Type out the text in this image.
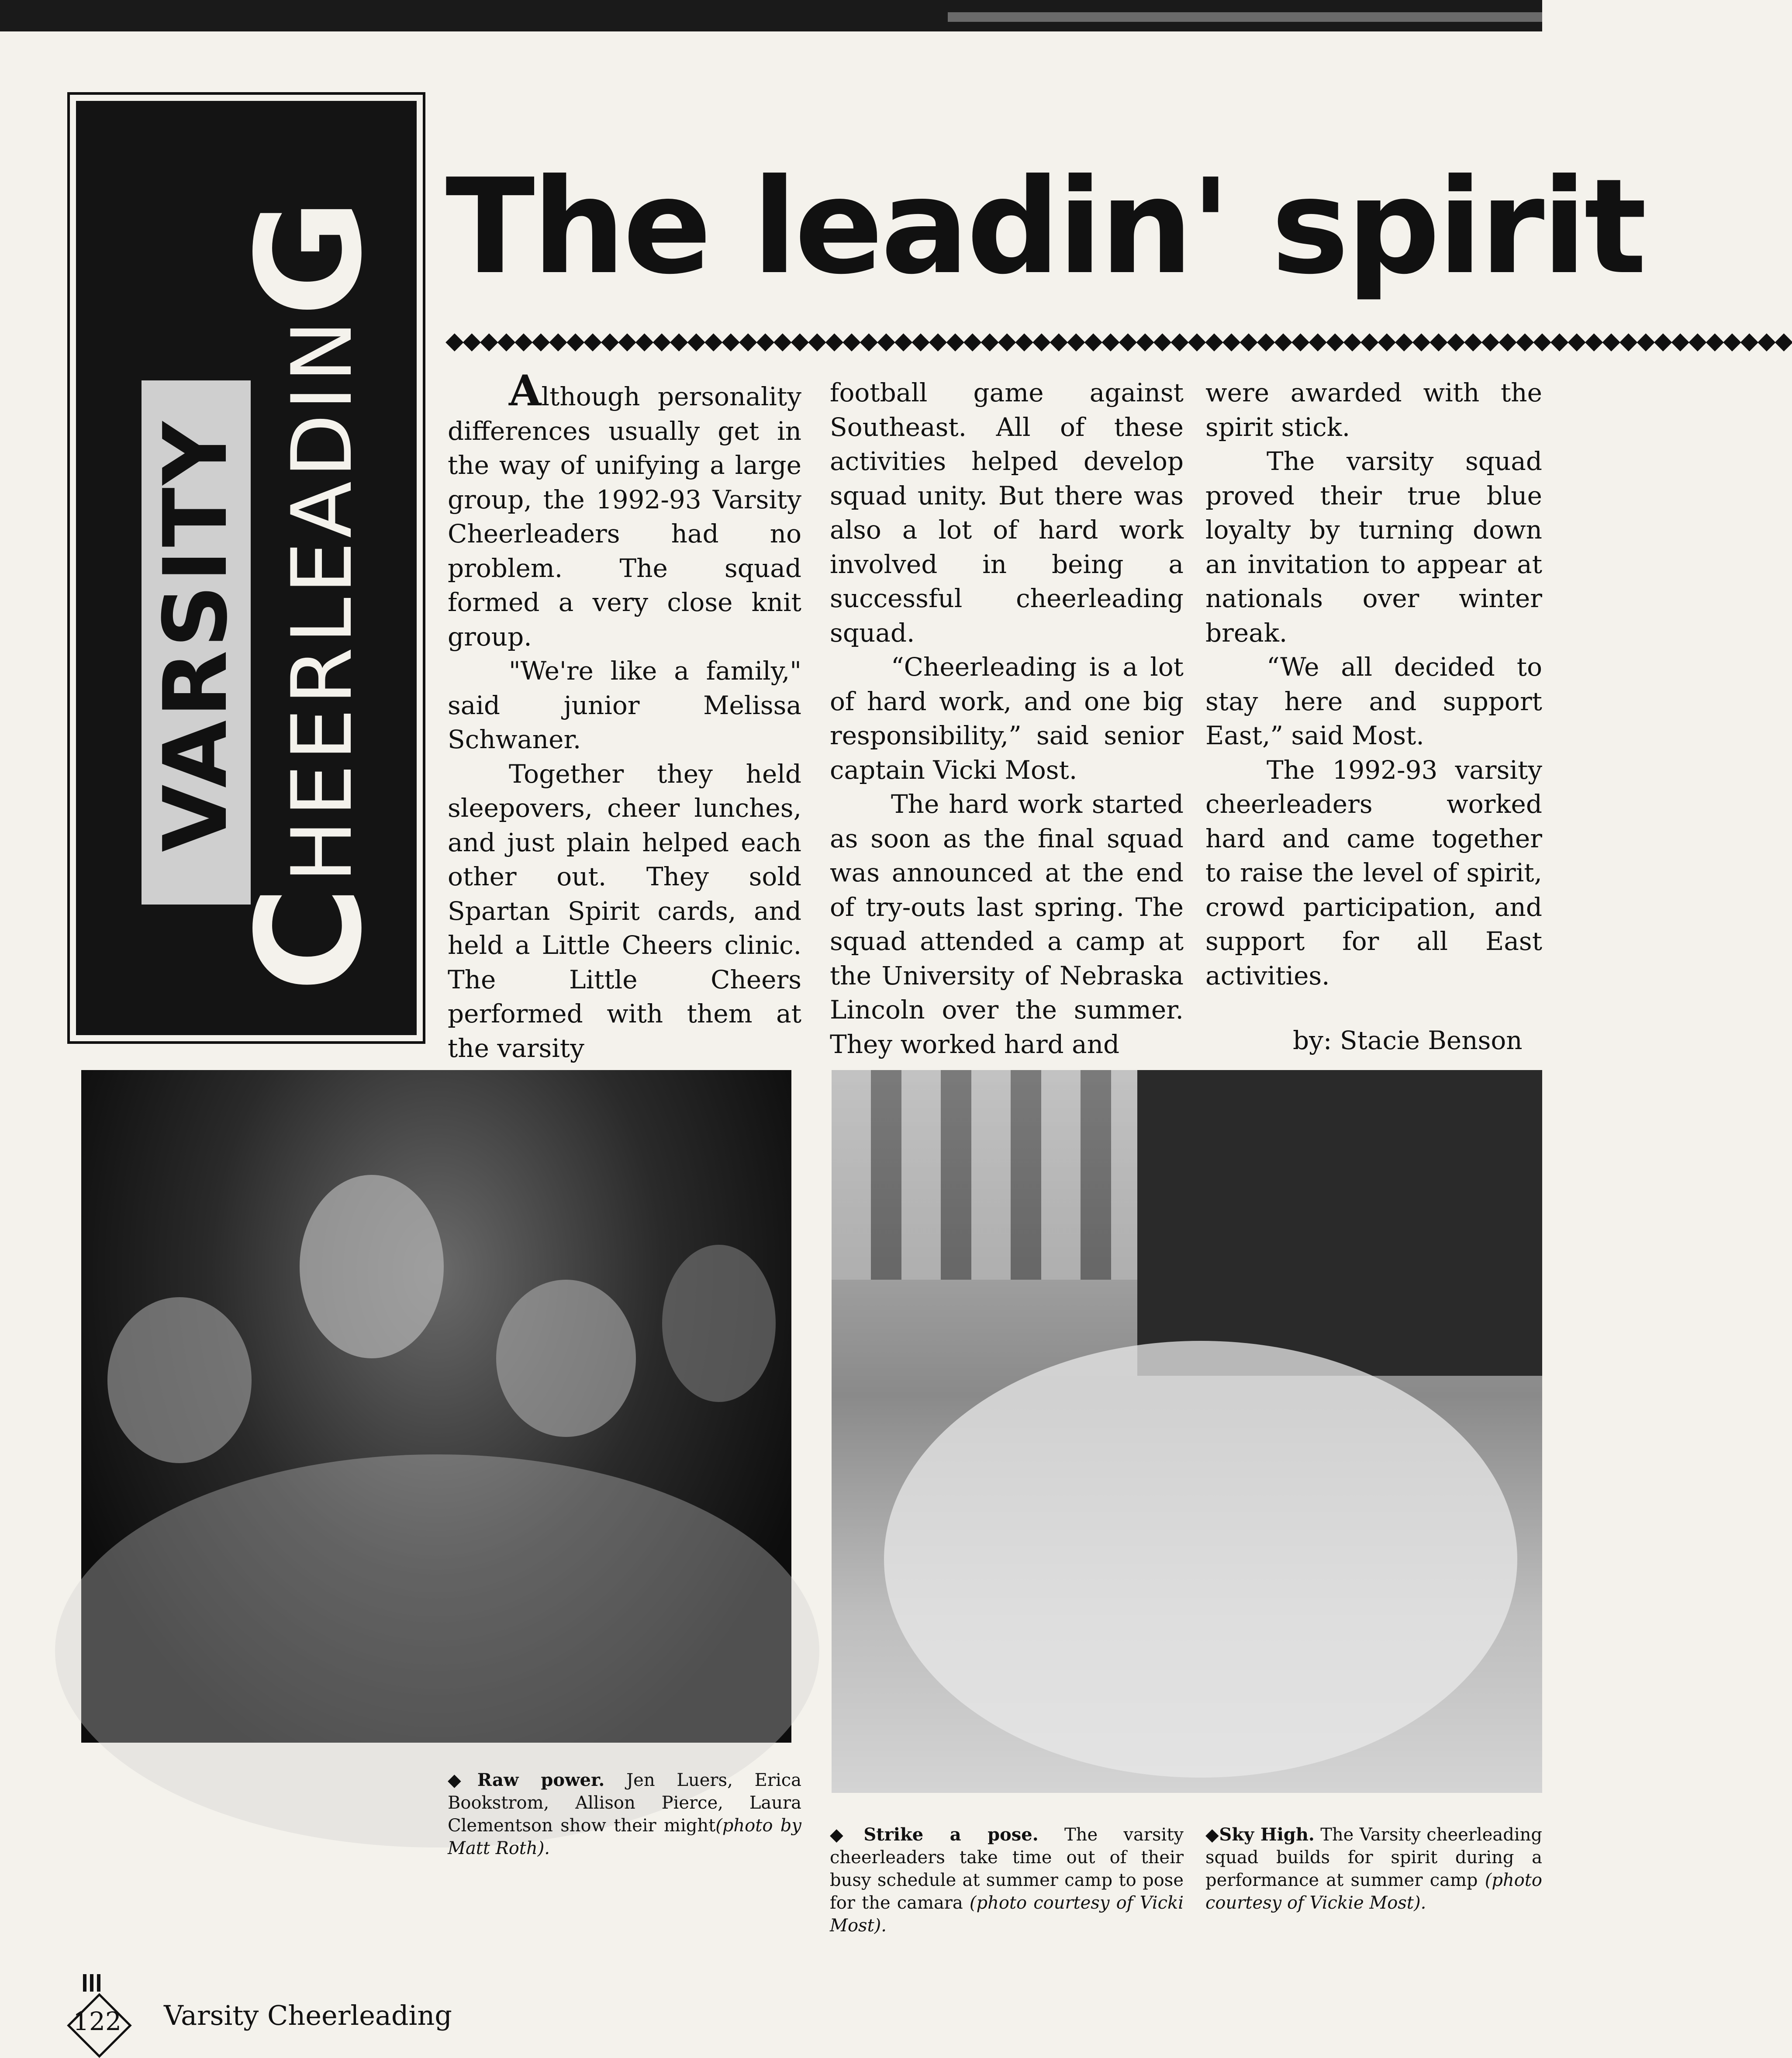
VARSITY
CHEERLEADING The leadin' spirit
◆◆◆◆◆◆◆◆◆◆◆◆◆◆◆◆◆◆◆◆◆◆◆◆◆◆◆◆◆◆◆◆◆◆◆◆◆◆◆◆◆◆◆◆◆◆◆◆◆◆◆◆◆◆◆◆◆◆◆◆◆◆◆◆◆◆◆◆◆◆◆◆◆◆◆◆◆◆

Although personality differences usually get in the way of unifying a large group, the 1992-93 Varsity Cheerleaders had no problem. The squad formed a very close knit group.

"We're like a family," said junior Melissa Schwaner.

Together they held sleepovers, cheer lunches, and just plain helped each other out. They sold Spartan Spirit cards, and held a Little Cheers clinic. The Little Cheers performed with them at the varsity

football game against Southeast. All of these activities helped develop squad unity. But there was also a lot of hard work involved in being a successful cheerleading squad.

“Cheerleading is a lot of hard work, and one big responsibility,” said senior captain Vicki Most.

The hard work started as soon as the final squad was announced at the end of try-outs last spring. The squad attended a camp at the University of Nebraska Lincoln over the summer. They worked hard and

were awarded with the spirit stick.

The varsity squad proved their true blue loyalty by turning down an invitation to appear at nationals over winter break.

“We all decided to stay here and support East,” said Most.

The 1992-93 varsity cheerleaders worked hard and came together to raise the level of spirit, crowd participation, and support for all East activities.

by: Stacie Benson

◆Raw power. Jen Luers, Erica Bookstrom, Allison Pierce, Laura Clementson show their might(photo by Matt Roth).
◆Strike a pose. The varsity cheerleaders take time out of their busy schedule at summer camp to pose for the camara (photo courtesy of Vicki Most).
◆Sky High. The Varsity cheerleading squad builds for spirit during a performance at summer camp (photo courtesy of Vickie Most).
122 Varsity Cheerleading
